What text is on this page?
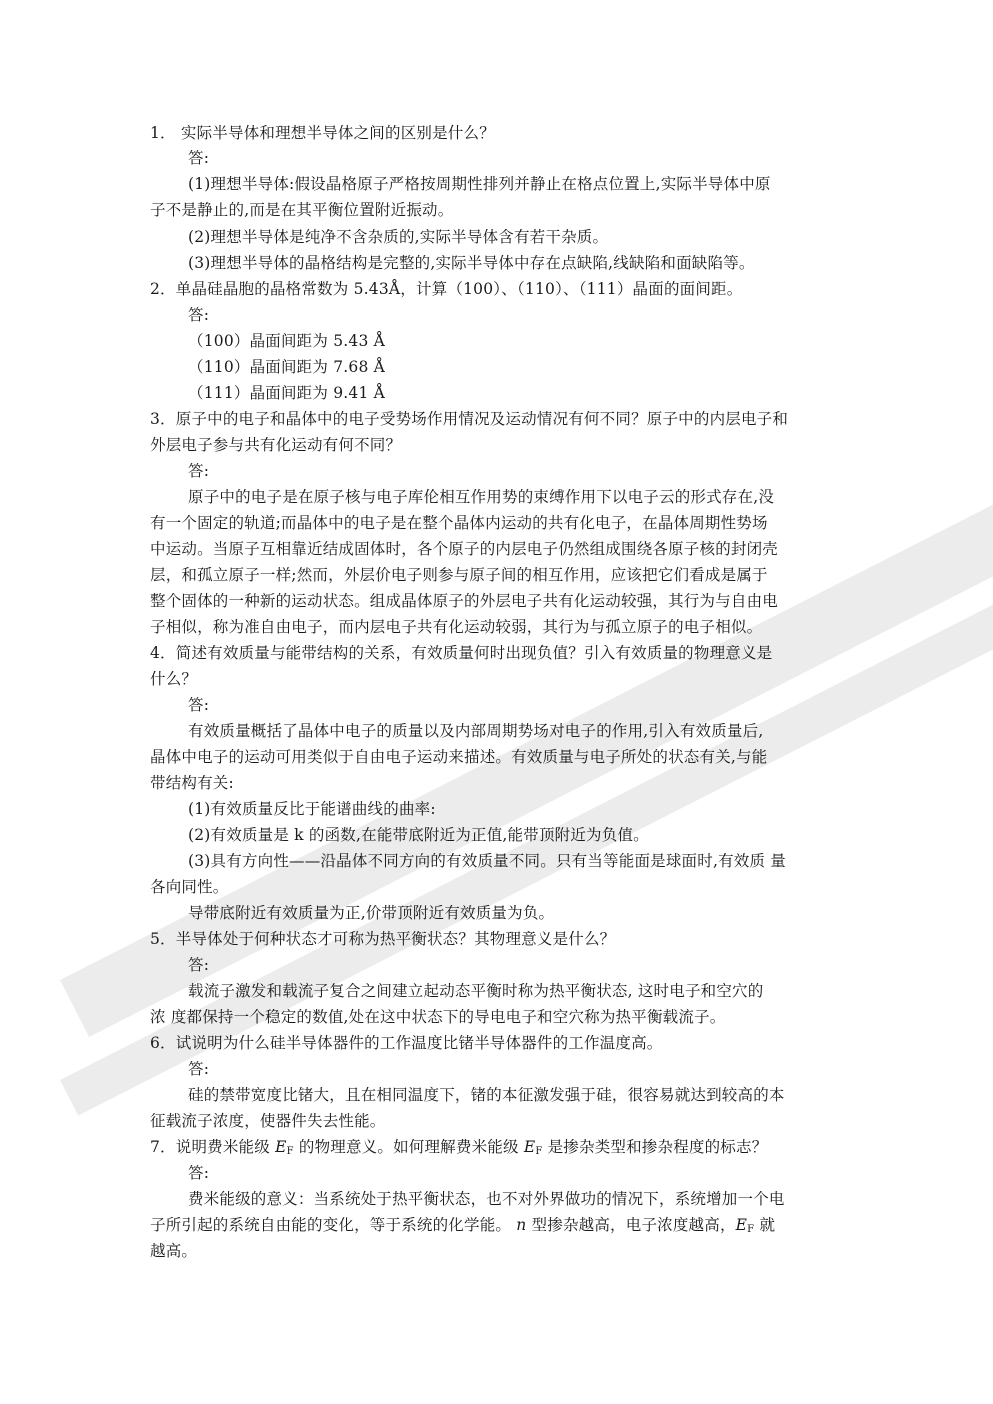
1． 实际半导体和理想半导体之间的区别是什么？
答:
(1)理想半导体:假设晶格原子严格按周期性排列并静止在格点位置上,实际半导体中原
子不是静止的,而是在其平衡位置附近振动。
(2)理想半导体是纯净不含杂质的,实际半导体含有若干杂质。
(3)理想半导体的晶格结构是完整的,实际半导体中存在点缺陷,线缺陷和面缺陷等。
2．单晶硅晶胞的晶格常数为 5.43Å，计算（100）、（110）、（111）晶面的面间距。
答:
（100）晶面间距为 5.43 Å
（110）晶面间距为 7.68 Å
（111）晶面间距为 9.41 Å
3．原子中的电子和晶体中的电子受势场作用情况及运动情况有何不同？原子中的内层电子和
外层电子参与共有化运动有何不同？
答:
原子中的电子是在原子核与电子库伦相互作用势的束缚作用下以电子云的形式存在,没
有一个固定的轨道;而晶体中的电子是在整个晶体内运动的共有化电子，在晶体周期性势场
中运动。当原子互相靠近结成固体时，各个原子的内层电子仍然组成围绕各原子核的封闭壳
层，和孤立原子一样;然而，外层价电子则参与原子间的相互作用，应该把它们看成是属于
整个固体的一种新的运动状态。组成晶体原子的外层电子共有化运动较强，其行为与自由电
子相似，称为准自由电子，而内层电子共有化运动较弱，其行为与孤立原子的电子相似。
4．简述有效质量与能带结构的关系，有效质量何时出现负值？引入有效质量的物理意义是
什么？
答:
有效质量概括了晶体中电子的质量以及内部周期势场对电子的作用,引入有效质量后,
晶体中电子的运动可用类似于自由电子运动来描述。有效质量与电子所处的状态有关,与能
带结构有关:
(1)有效质量反比于能谱曲线的曲率:
(2)有效质量是 k 的函数,在能带底附近为正值,能带顶附近为负值。
(3)具有方向性——沿晶体不同方向的有效质量不同。只有当等能面是球面时,有效质 量
各向同性。
导带底附近有效质量为正,价带顶附近有效质量为负。
5．半导体处于何种状态才可称为热平衡状态？其物理意义是什么？
答:
载流子激发和载流子复合之间建立起动态平衡时称为热平衡状态, 这时电子和空穴的
浓 度都保持一个稳定的数值,处在这中状态下的导电电子和空穴称为热平衡载流子。
6．试说明为什么硅半导体器件的工作温度比锗半导体器件的工作温度高。
答:
硅的禁带宽度比锗大，且在相同温度下，锗的本征激发强于硅，很容易就达到较高的本
征载流子浓度，使器件失去性能。
7．说明费米能级 $E_F$ 的物理意义。如何理解费米能级 $E_F$ 是掺杂类型和掺杂程度的标志？
答:
费米能级的意义：当系统处于热平衡状态，也不对外界做功的情况下，系统增加一个电
子所引起的系统自由能的变化，等于系统的化学能。 n 型掺杂越高，电子浓度越高，$E_F$ 就
越高。
